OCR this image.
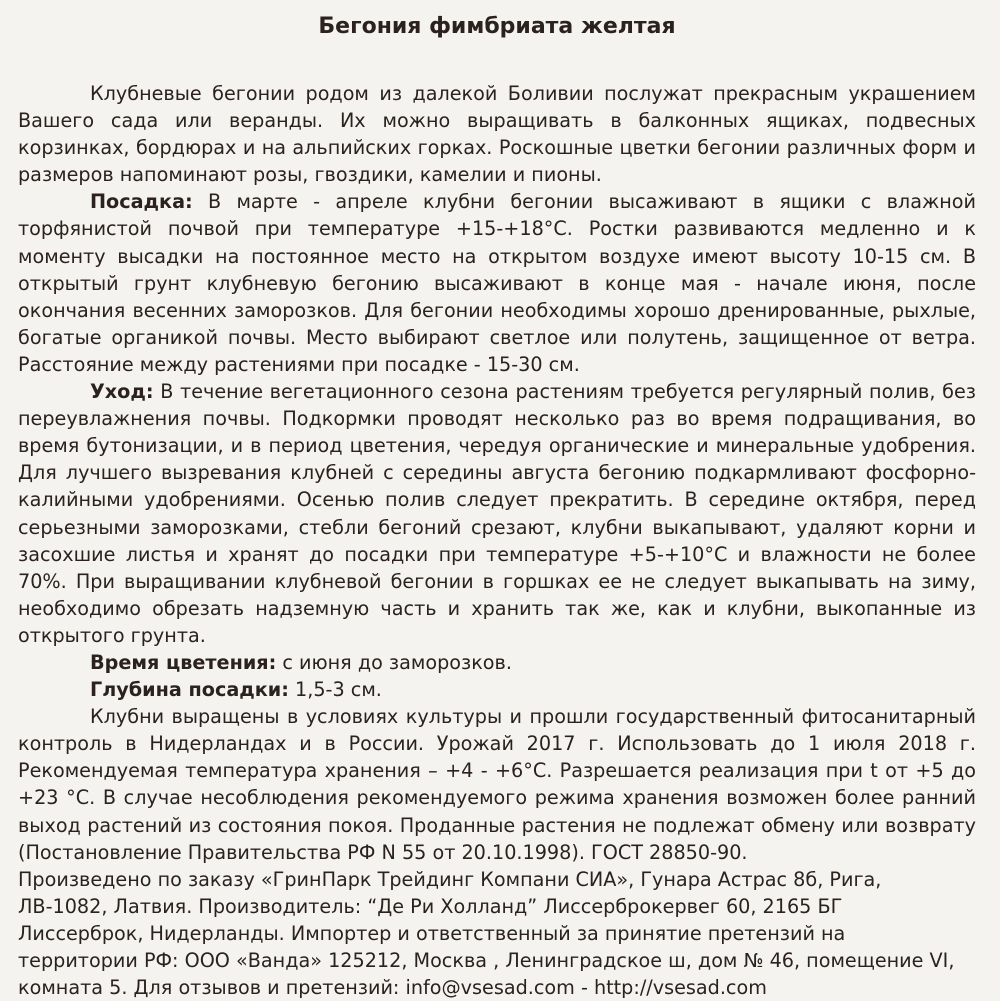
Бегония фимбриата желтая

Клубневые бегонии родом из далекой Боливии послужат прекрасным украшением Вашего сада или веранды. Их можно выращивать в балконных ящиках, подвесных корзинках, бордюрах и на альпийских горках. Роскошные цветки бегонии различных форм и размеров напоминают розы, гвоздики, камелии и пионы.

Посадка: В марте - апреле клубни бегонии высаживают в ящики с влажной торфянистой почвой при температуре +15-+18°С. Ростки развиваются медленно и к моменту высадки на постоянное место на открытом воздухе имеют высоту 10-15 см. В открытый грунт клубневую бегонию высаживают в конце мая - начале июня, после окончания весенних заморозков. Для бегонии необходимы хорошо дренированные, рыхлые, богатые органикой почвы. Место выбирают светлое или полутень, защищенное от ветра. Расстояние между растениями при посадке - 15-30 см.

Уход: В течение вегетационного сезона растениям требуется регулярный полив, без переувлажнения почвы. Подкормки проводят несколько раз во время подращивания, во время бутонизации, и в период цветения, чередуя органические и минеральные удобрения. Для лучшего вызревания клубней с середины августа бегонию подкармливают фосфорно-калийными удобрениями. Осенью полив следует прекратить. В середине октября, перед серьезными заморозками, стебли бегоний срезают, клубни выкапывают, удаляют корни и засохшие листья и хранят до посадки при температуре +5-+10°С и влажности не более 70%. При выращивании клубневой бегонии в горшках ее не следует выкапывать на зиму, необходимо обрезать надземную часть и хранить так же, как и клубни, выкопанные из открытого грунта.

Время цветения: с июня до заморозков.

Глубина посадки: 1,5-3 см.

Клубни выращены в условиях культуры и прошли государственный фитосанитарный контроль в Нидерландах и в России. Урожай 2017 г. Использовать до 1 июля 2018 г. Рекомендуемая температура хранения – +4 - +6°С. Разрешается реализация при t от +5 до +23 °С. В случае несоблюдения рекомендуемого режима хранения возможен более ранний выход растений из состояния покоя. Проданные растения не подлежат обмену или возврату (Постановление Правительства РФ N 55 от 20.10.1998). ГОСТ 28850-90.

Произведено по заказу «ГринПарк Трейдинг Компани СИА», Гунара Астрас 8б, Рига,
ЛВ-1082, Латвия. Производитель: “Де Ри Холланд” Лиссерброкервег 60, 2165 БГ
Лиссерброк, Нидерланды. Импортер и ответственный за принятие претензий на
территории РФ: ООО «Ванда» 125212, Москва , Ленинградское ш, дом № 46, помещение VI,
комната 5. Для отзывов и претензий: info@vsesad.com - http://vsesad.com
